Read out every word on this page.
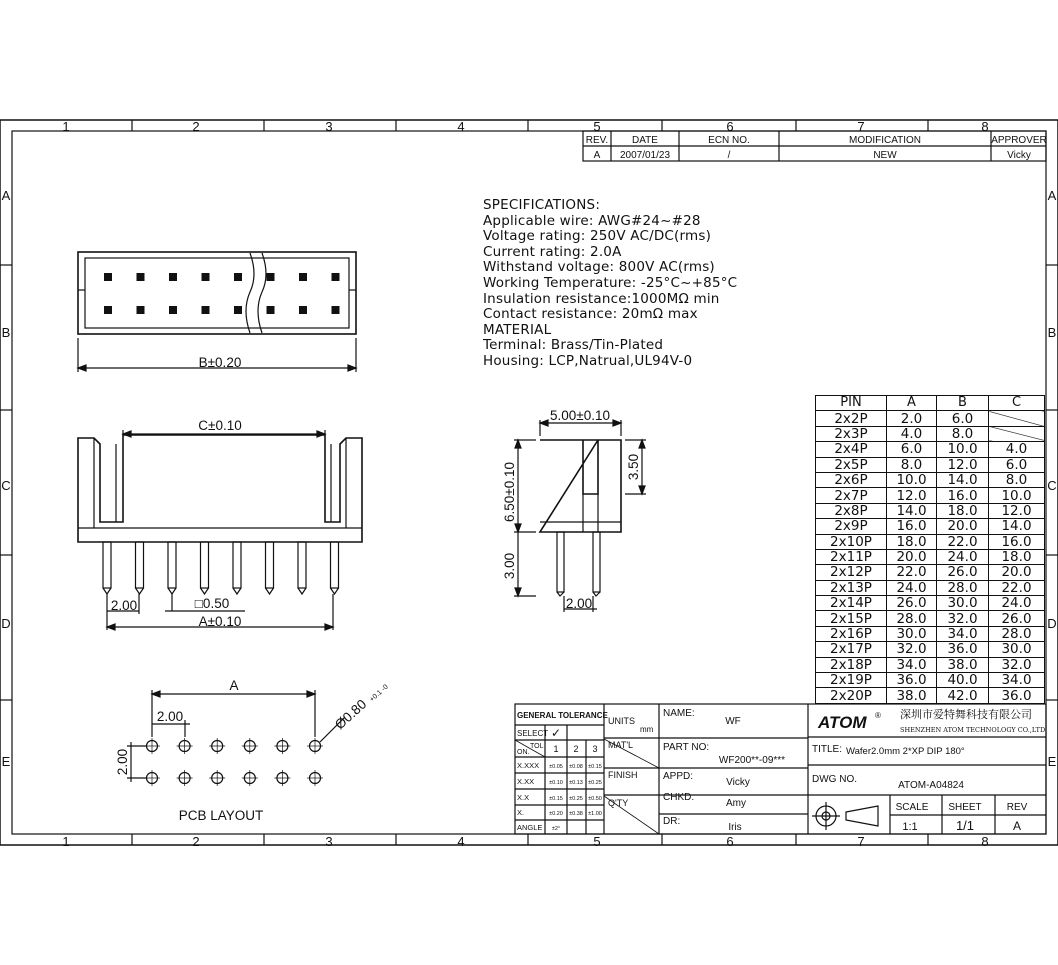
1	2	3	4	5	6	7	8
1	2	3	4	5	6	7	8
A
B
C
D
E
A
B
C
D
E
REV. DATE	ECN NO.	MODIFICATION	APPROVER
A 2007/01/23	/	NEW	Vicky
B±0.20
C±0.10
2.00	□0.50
A±0.10
5.00±0.10
6.50±0.10	3.50
3.00
2.00
A
2.00
2.00
Ø0.80
+0.1 -0
PCB LAYOUT
GENERAL TOLERANCE
UNITS
mm
SELECT ✓
TOL
ON.	1 2 3 MAT'L
FINISH
Q'TY
NAME:
WF
PART NO:
WF200**-09***
APPD:
Vicky
CHKD:
Amy
DR:
Iris
ATOM ® 深圳市爱特舞科技有限公司
SHENZHEN ATOM TECHNOLOGY CO.,LTD.
TITLE: Wafer2.0mm 2*XP DIP 180°
DWG NO.
ATOM-A04824
SCALE
1:1
SHEET
1/1
REV
A
X.XXX ±0.05 ±0.08 ±0.15
X.XX	±0.10 ±0.13 ±0.25
X.X	±0.15 ±0.25 ±0.50
X.	±0.20 ±0.38 ±1.00
ANGLE ±2°
SPECIFICATIONS:
Applicable wire: AWG#24~#28
Voltage rating: 250V AC/DC(rms)
Current rating: 2.0A
Withstand voltage: 800V AC(rms)
Working Temperature: -25°C~+85°C
Insulation resistance:1000MΩ min
Contact resistance: 20mΩ max
MATERIAL
Terminal: Brass/Tin-Plated
Housing: LCP,Natrual,UL94V-0
PIN	A	B	C
2x2P	2.0	6.0	
2x3P	4.0	8.0	
2x4P	6.0	10.0	4.0
2x5P	8.0	12.0	6.0
2x6P	10.0	14.0	8.0
2x7P	12.0	16.0	10.0
2x8P	14.0	18.0	12.0
2x9P	16.0	20.0	14.0
2x10P	18.0	22.0	16.0
2x11P	20.0	24.0	18.0
2x12P	22.0	26.0	20.0
2x13P	24.0	28.0	22.0
2x14P	26.0	30.0	24.0
2x15P	28.0	32.0	26.0
2x16P	30.0	34.0	28.0
2x17P	32.0	36.0	30.0
2x18P	34.0	38.0	32.0
2x19P	36.0	40.0	34.0
2x20P	38.0	42.0	36.0
